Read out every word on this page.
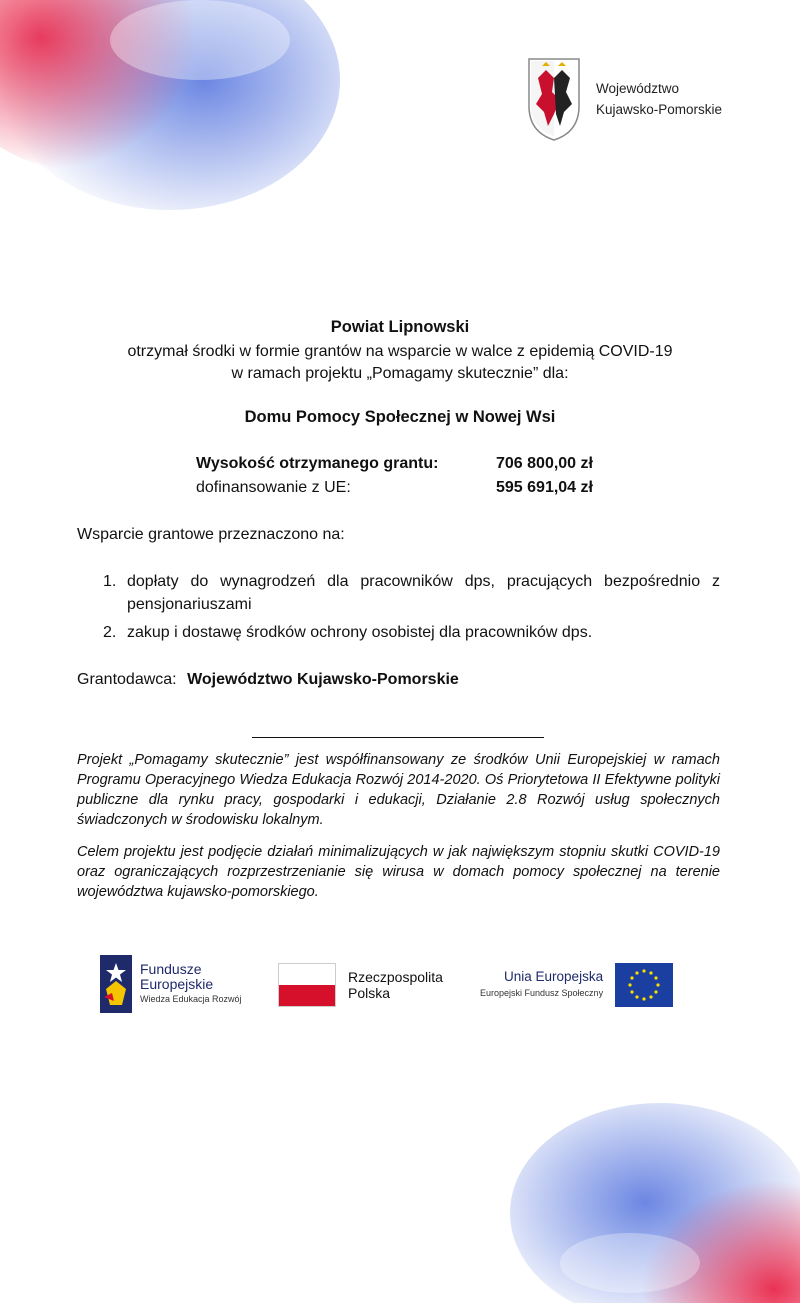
Województwo
Kujawsko-Pomorskie
Powiat Lipnowski
otrzymał środki w formie grantów na wsparcie w walce z epidemią COVID-19
w ramach projektu „Pomagamy skutecznie” dla:
Domu Pomocy Społecznej w Nowej Wsi
Wysokość otrzymanego grantu:	706 800,00 zł
dofinansowanie z UE:	595 691,04 zł
Wsparcie grantowe przeznaczono na:
1. dopłaty do wynagrodzeń dla pracowników dps, pracujących bezpośrednio z pensjonariuszami
2. zakup i dostawę środków ochrony osobistej dla pracowników dps.
Grantodawca: Województwo Kujawsko-Pomorskie
Projekt „Pomagamy skutecznie” jest współfinansowany ze środków Unii Europejskiej w ramach Programu Operacyjnego Wiedza Edukacja Rozwój 2014-2020. Oś Priorytetowa II Efektywne polityki publiczne dla rynku pracy, gospodarki i edukacji, Działanie 2.8 Rozwój usług społecznych świadczonych w środowisku lokalnym.
Celem projektu jest podjęcie działań minimalizujących w jak największym stopniu skutki COVID-19 oraz ograniczających rozprzestrzenianie się wirusa w domach pomocy społecznej na terenie województwa kujawsko-pomorskiego.
Fundusze
Europejskie
Wiedza Edukacja Rozwój
Rzeczpospolita
Polska
Unia Europejska
Europejski Fundusz Społeczny
